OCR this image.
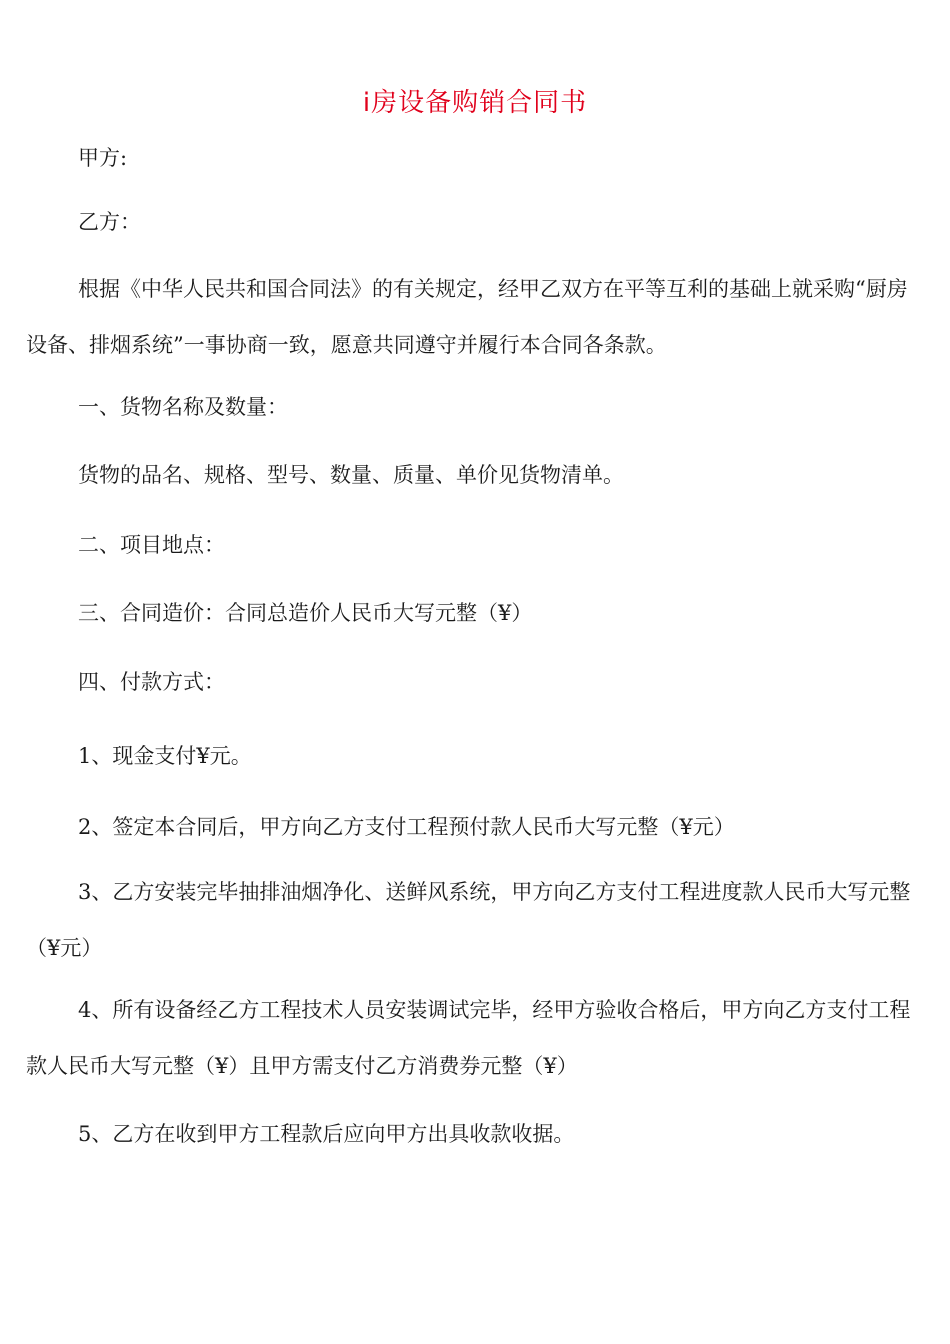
i房设备购销合同书

甲方:

乙方：

根据《中华人民共和国合同法》的有关规定，经甲乙双方在平等互利的基础上就采购“厨房设备、排烟系统”一事协商一致，愿意共同遵守并履行本合同各条款。

一、货物名称及数量：

货物的品名、规格、型号、数量、质量、单价见货物清单。

二、项目地点：

三、合同造价：合同总造价人民币大写元整（¥）

四、付款方式：

1、现金支付¥元。

2、签定本合同后，甲方向乙方支付工程预付款人民币大写元整（¥元）

3、乙方安装完毕抽排油烟净化、送鲜风系统，甲方向乙方支付工程进度款人民币大写元整（¥元）

4、所有设备经乙方工程技术人员安装调试完毕，经甲方验收合格后，甲方向乙方支付工程款人民币大写元整（¥）且甲方需支付乙方消费券元整（¥）

5、乙方在收到甲方工程款后应向甲方出具收款收据。
